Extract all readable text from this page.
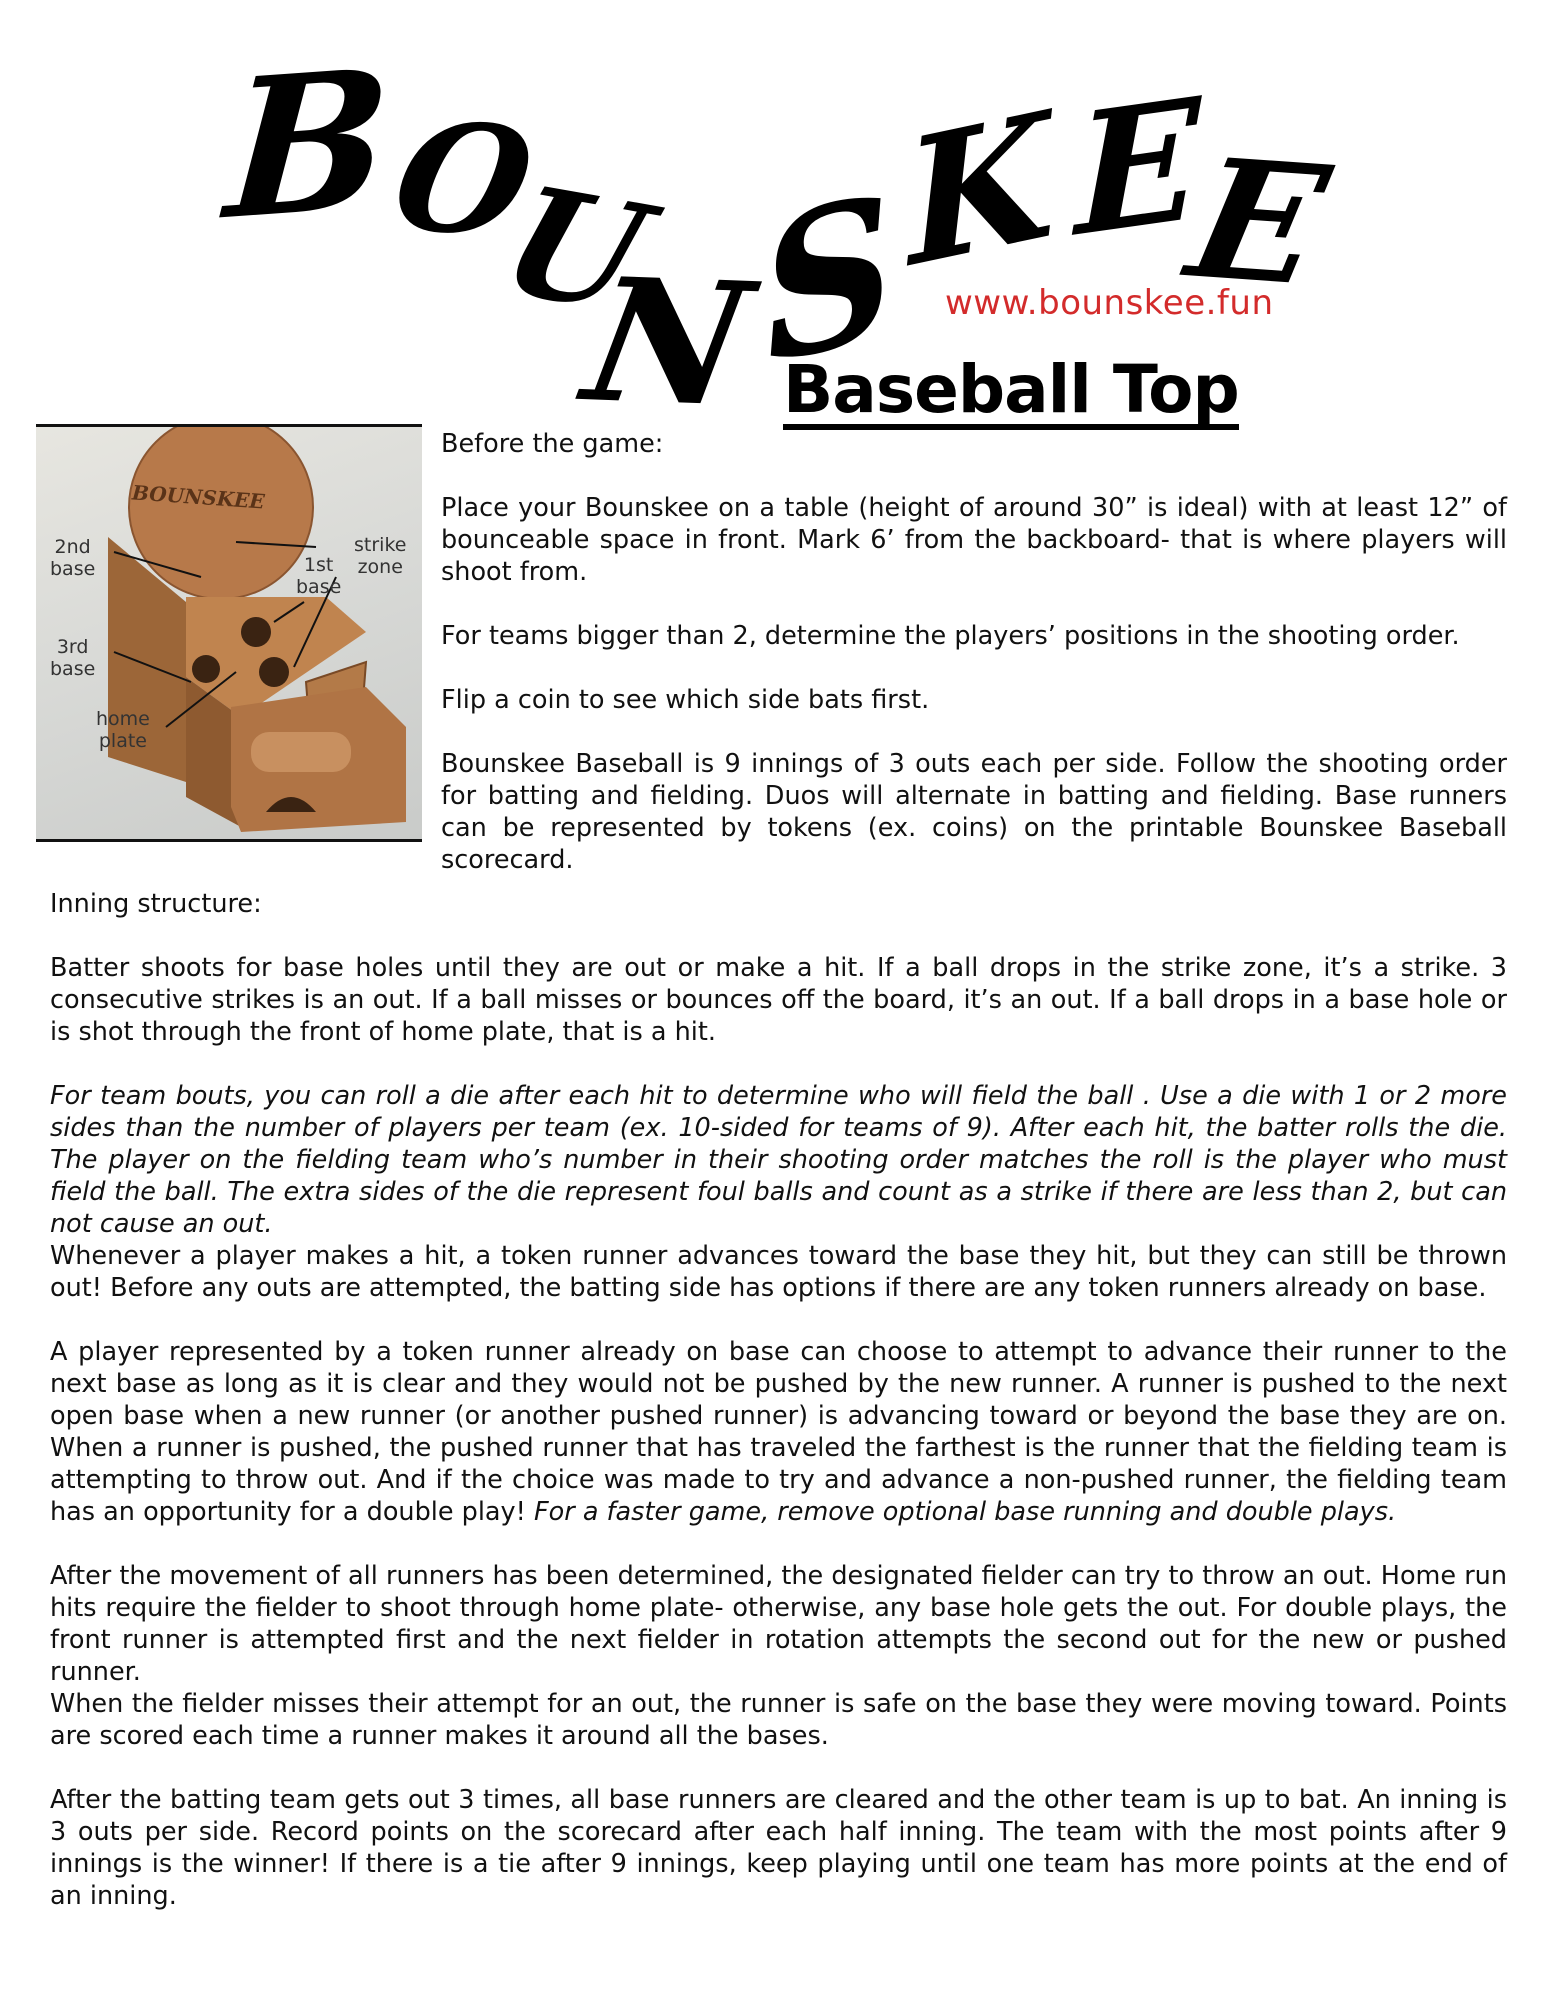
B
O
U
N
S
K E
E
www.bounskee.fun
Baseball Top
BOUNSKEE
2nd
base
3rd
base
home
plate
1st
base
strike
zone

Before the game:

Place your Bounskee on a table (height of around 30” is ideal) with at least 12” of bounceable space in front. Mark 6’ from the backboard- that is where players will shoot from.

For teams bigger than 2, determine the players’ positions in the shooting order.

Flip a coin to see which side bats first.

Bounskee Baseball is 9 innings of 3 outs each per side. Follow the shooting order for batting and fielding. Duos will alternate in batting and fielding. Base runners can be represented by tokens (ex. coins) on the printable Bounskee Baseball scorecard.

Inning structure:

Batter shoots for base holes until they are out or make a hit. If a ball drops in the strike zone, it’s a strike. 3 consecutive strikes is an out. If a ball misses or bounces off the board, it’s an out. If a ball drops in a base hole or is shot through the front of home plate, that is a hit.

For team bouts, you can roll a die after each hit to determine who will field the ball . Use a die with 1 or 2 more sides than the number of players per team (ex. 10-sided for teams of 9). After each hit, the batter rolls the die. The player on the fielding team who’s number in their shooting order matches the roll is the player who must field the ball. The extra sides of the die represent foul balls and count as a strike if there are less than 2, but can not cause an out.

Whenever a player makes a hit, a token runner advances toward the base they hit, but they can still be thrown out! Before any outs are attempted, the batting side has options if there are any token runners already on base.

A player represented by a token runner already on base can choose to attempt to advance their runner to the next base as long as it is clear and they would not be pushed by the new runner. A runner is pushed to the next open base when a new runner (or another pushed runner) is advancing toward or beyond the base they are on. When a runner is pushed, the pushed runner that has traveled the farthest is the runner that the fielding team is attempting to throw out. And if the choice was made to try and advance a non-pushed runner, the fielding team has an opportunity for a double play! For a faster game, remove optional base running and double plays.

After the movement of all runners has been determined, the designated fielder can try to throw an out. Home run hits require the fielder to shoot through home plate- otherwise, any base hole gets the out. For double plays, the front runner is attempted first and the next fielder in rotation attempts the second out for the new or pushed runner.

When the fielder misses their attempt for an out, the runner is safe on the base they were moving toward. Points are scored each time a runner makes it around all the bases.

After the batting team gets out 3 times, all base runners are cleared and the other team is up to bat. An inning is 3 outs per side. Record points on the scorecard after each half inning. The team with the most points after 9 innings is the winner! If there is a tie after 9 innings, keep playing until one team has more points at the end of an inning.
